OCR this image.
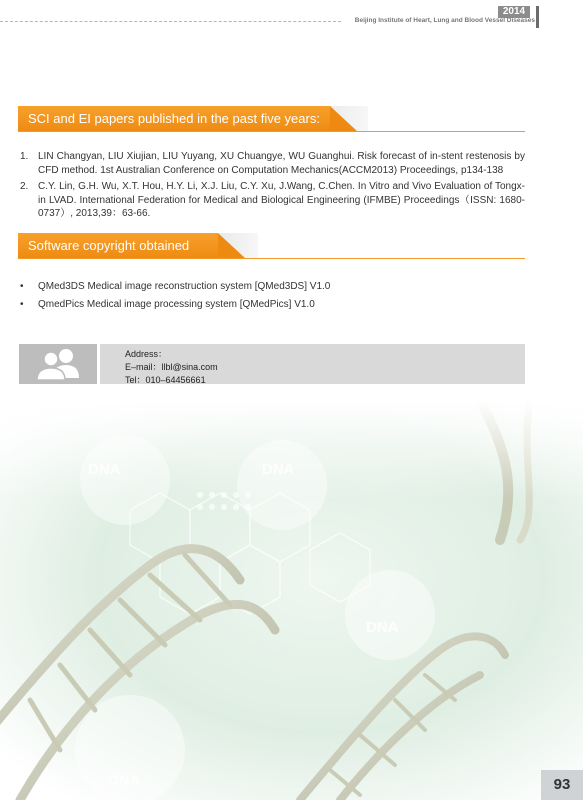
2014
Beijing Institute of Heart, Lung and Blood Vessel Diseases
SCI and EI papers published in the past five years:
1. LIN Changyan, LIU Xiujian, LIU Yuyang, XU Chuangye, WU Guanghui. Risk forecast of in-stent restenosis by CFD method. 1st Australian Conference on Computation Mechanics(ACCM2013) Proceedings, p134-138
2. C.Y. Lin, G.H. Wu, X.T. Hou, H.Y. Li, X.J. Liu, C.Y. Xu, J.Wang, C.Chen. In Vitro and Vivo Evaluation of Tongx-in LVAD. International Federation for Medical and Biological Engineering (IFMBE) Proceedings（ISSN: 1680-0737）, 2013,39：63-66.
Software copyright obtained
• QMed3DS Medical image reconstruction system [QMed3DS] V1.0
• QmedPics Medical image processing system [QMedPics] V1.0
Address：
E–mail：llbl@sina.com
Tel：010–64456661
DNA	DNA
DNA
DNA	93
